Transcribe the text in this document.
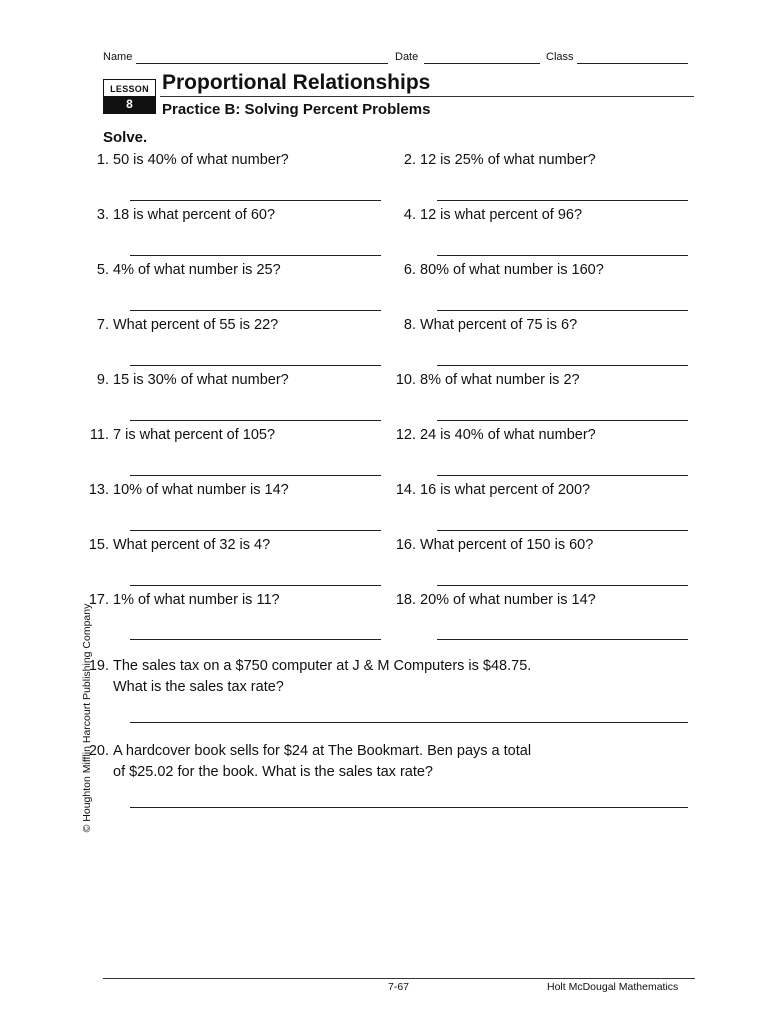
Name	Date	Class
LESSON
8
Proportional Relationships
Practice B: Solving Percent Problems
Solve.
1. 50 is 40% of what number?	2. 12 is 25% of what number?
3. 18 is what percent of 60?	4. 12 is what percent of 96?
5. 4% of what number is 25?	6. 80% of what number is 160?
7. What percent of 55 is 22?	8. What percent of 75 is 6?
9. 15 is 30% of what number?	10. 8% of what number is 2?
11. 7 is what percent of 105?	12. 24 is 40% of what number?
13. 10% of what number is 14?	14. 16 is what percent of 200?
15. What percent of 32 is 4?	16. What percent of 150 is 60?
17. 1% of what number is 11?	18. 20% of what number is 14?
19. The sales tax on a $750 computer at J & M Computers is $48.75. What is the sales tax rate?
20. A hardcover book sells for $24 at The Bookmart. Ben pays a total of $25.02 for the book. What is the sales tax rate?
© Houghton Mifflin Harcourt Publishing Company
7-67	Holt McDougal Mathematics
